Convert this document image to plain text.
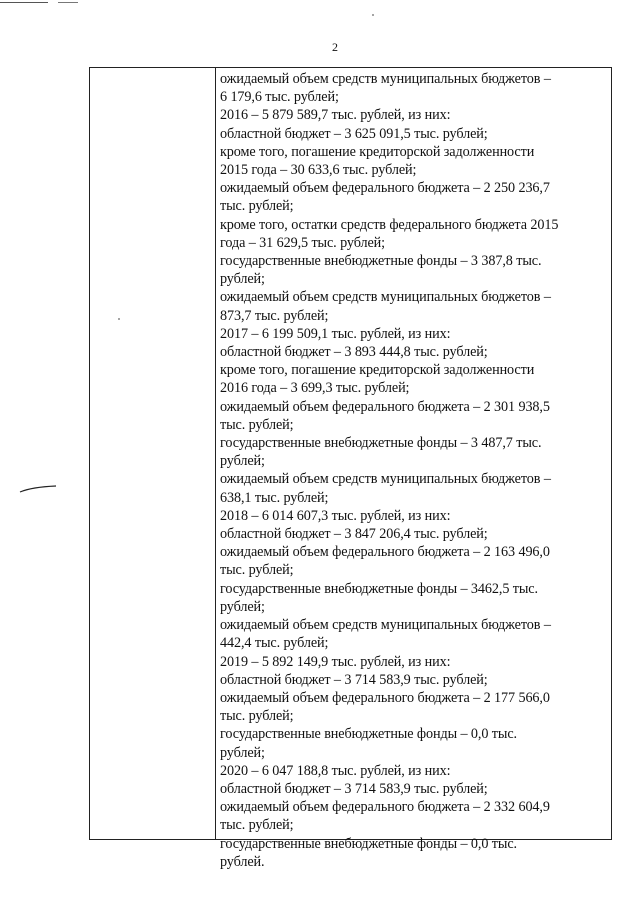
2
ожидаемый объем средств муниципальных бюджетов –
6 179,6 тыс. рублей;
2016 – 5 879 589,7 тыс. рублей, из них:
областной бюджет – 3 625 091,5 тыс. рублей;
кроме того, погашение кредиторской задолженности
2015 года – 30 633,6 тыс. рублей;
ожидаемый объем федерального бюджета – 2 250 236,7
тыс. рублей;
кроме того, остатки средств федерального бюджета 2015
года – 31 629,5 тыс. рублей;
государственные внебюджетные фонды – 3 387,8 тыс.
рублей;
ожидаемый объем средств муниципальных бюджетов –
873,7 тыс. рублей;
2017 – 6 199 509,1 тыс. рублей, из них:
областной бюджет – 3 893 444,8 тыс. рублей;
кроме того, погашение кредиторской задолженности
2016 года – 3 699,3 тыс. рублей;
ожидаемый объем федерального бюджета – 2 301 938,5
тыс. рублей;
государственные внебюджетные фонды – 3 487,7 тыс.
рублей;
ожидаемый объем средств муниципальных бюджетов –
638,1 тыс. рублей;
2018 – 6 014 607,3 тыс. рублей, из них:
областной бюджет – 3 847 206,4 тыс. рублей;
ожидаемый объем федерального бюджета – 2 163 496,0
тыс. рублей;
государственные внебюджетные фонды – 3462,5 тыс.
рублей;
ожидаемый объем средств муниципальных бюджетов –
442,4 тыс. рублей;
2019 – 5 892 149,9 тыс. рублей, из них:
областной бюджет – 3 714 583,9 тыс. рублей;
ожидаемый объем федерального бюджета – 2 177 566,0
тыс. рублей;
государственные внебюджетные фонды – 0,0 тыс.
рублей;
2020 – 6 047 188,8 тыс. рублей, из них:
областной бюджет – 3 714 583,9 тыс. рублей;
ожидаемый объем федерального бюджета – 2 332 604,9
тыс. рублей;
государственные внебюджетные фонды – 0,0 тыс.
рублей.
